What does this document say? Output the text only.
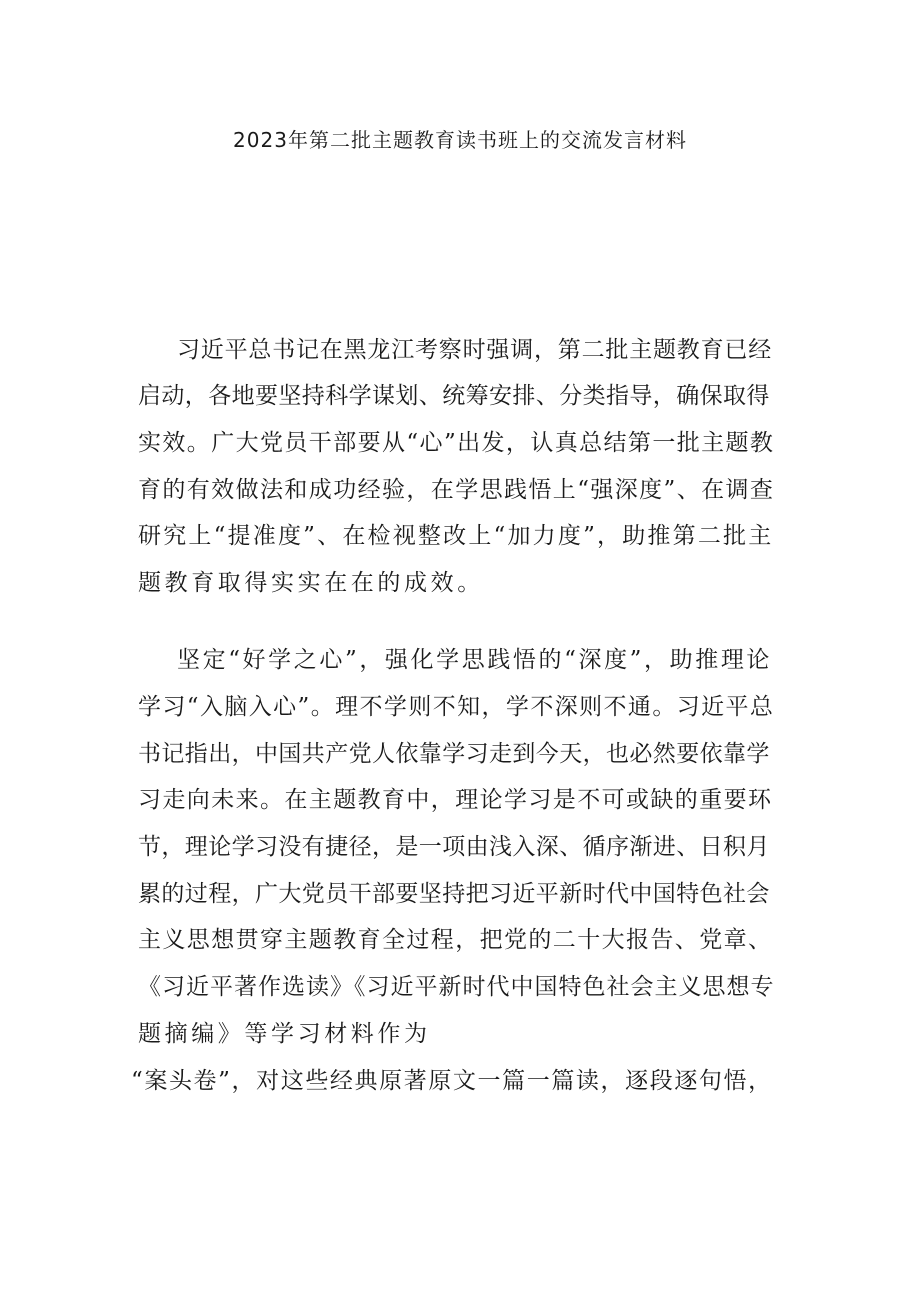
2023年第二批主题教育读书班上的交流发言材料
习近平总书记在黑龙江考察时强调，第二批主题教育已经
启动，各地要坚持科学谋划、统筹安排、分类指导，确保取得
实效。广大党员干部要从“心”出发，认真总结第一批主题教
育的有效做法和成功经验，在学思践悟上“强深度”、在调查
研究上“提准度”、在检视整改上“加力度”，助推第二批主
题教育取得实实在在的成效。
坚定“好学之心”，强化学思践悟的“深度”，助推理论
学习“入脑入心”。理不学则不知，学不深则不通。习近平总
书记指出，中国共产党人依靠学习走到今天，也必然要依靠学
习走向未来。在主题教育中，理论学习是不可或缺的重要环
节，理论学习没有捷径，是一项由浅入深、循序渐进、日积月
累的过程，广大党员干部要坚持把习近平新时代中国特色社会
主义思想贯穿主题教育全过程，把党的二十大报告、党章、
《习近平著作选读》《习近平新时代中国特色社会主义思想专
题摘编》等学习材料作为
“案头卷”，对这些经典原著原文一篇一篇读，逐段逐句悟，
